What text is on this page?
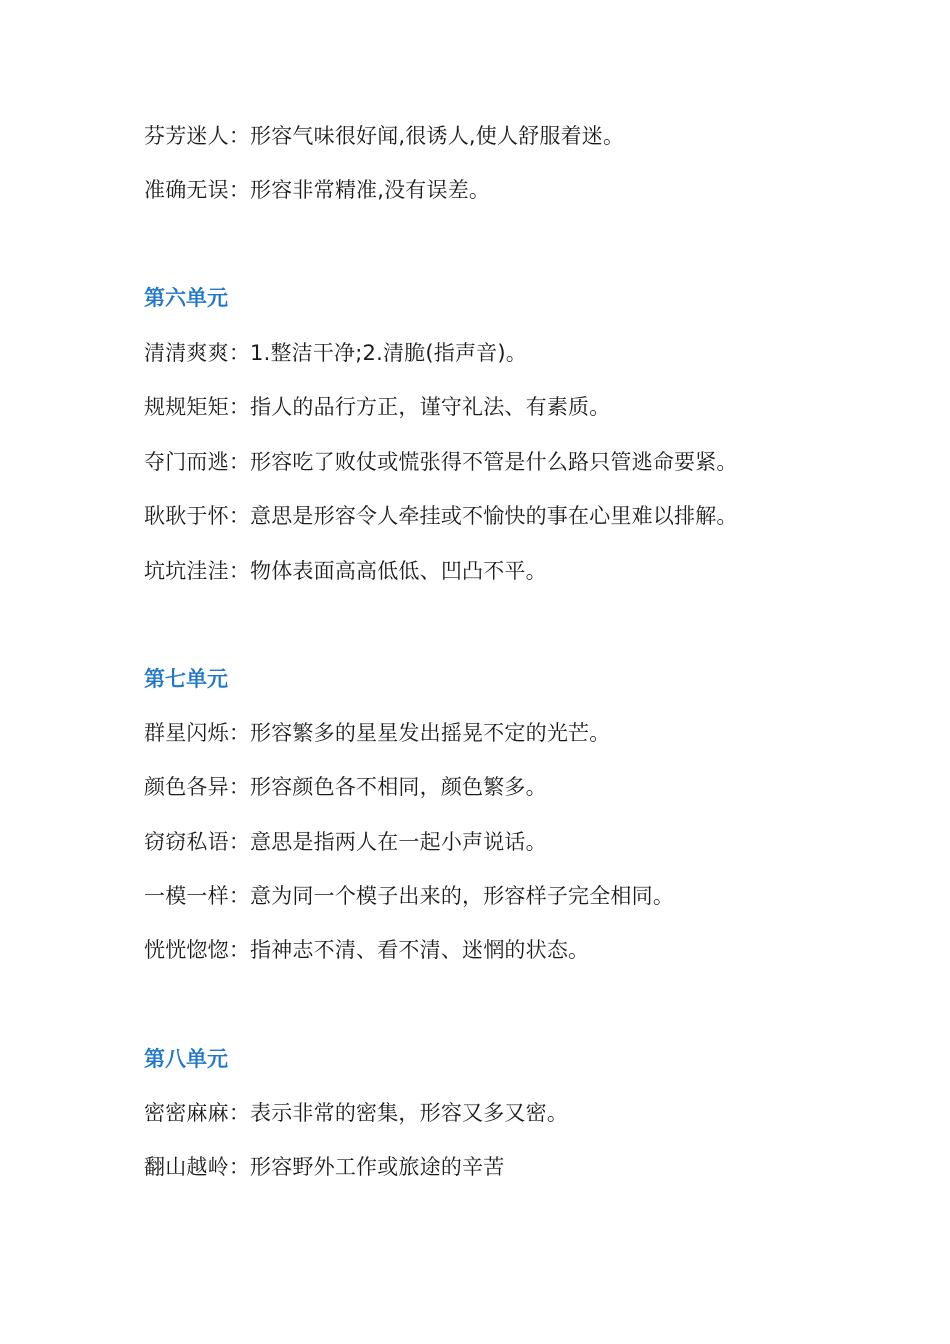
芬芳迷人：形容气味很好闻,很诱人,使人舒服着迷。
准确无误：形容非常精准,没有误差。
第六单元
清清爽爽：1.整洁干净;2.清脆(指声音)。
规规矩矩：指人的品行方正，谨守礼法、有素质。
夺门而逃：形容吃了败仗或慌张得不管是什么路只管逃命要紧。
耿耿于怀：意思是形容令人牵挂或不愉快的事在心里难以排解。
坑坑洼洼：物体表面高高低低、凹凸不平。
第七单元
群星闪烁：形容繁多的星星发出摇晃不定的光芒。
颜色各异：形容颜色各不相同，颜色繁多。
窃窃私语：意思是指两人在一起小声说话。
一模一样：意为同一个模子出来的，形容样子完全相同。
恍恍惚惚：指神志不清、看不清、迷惘的状态。
第八单元
密密麻麻：表示非常的密集，形容又多又密。
翻山越岭：形容野外工作或旅途的辛苦
